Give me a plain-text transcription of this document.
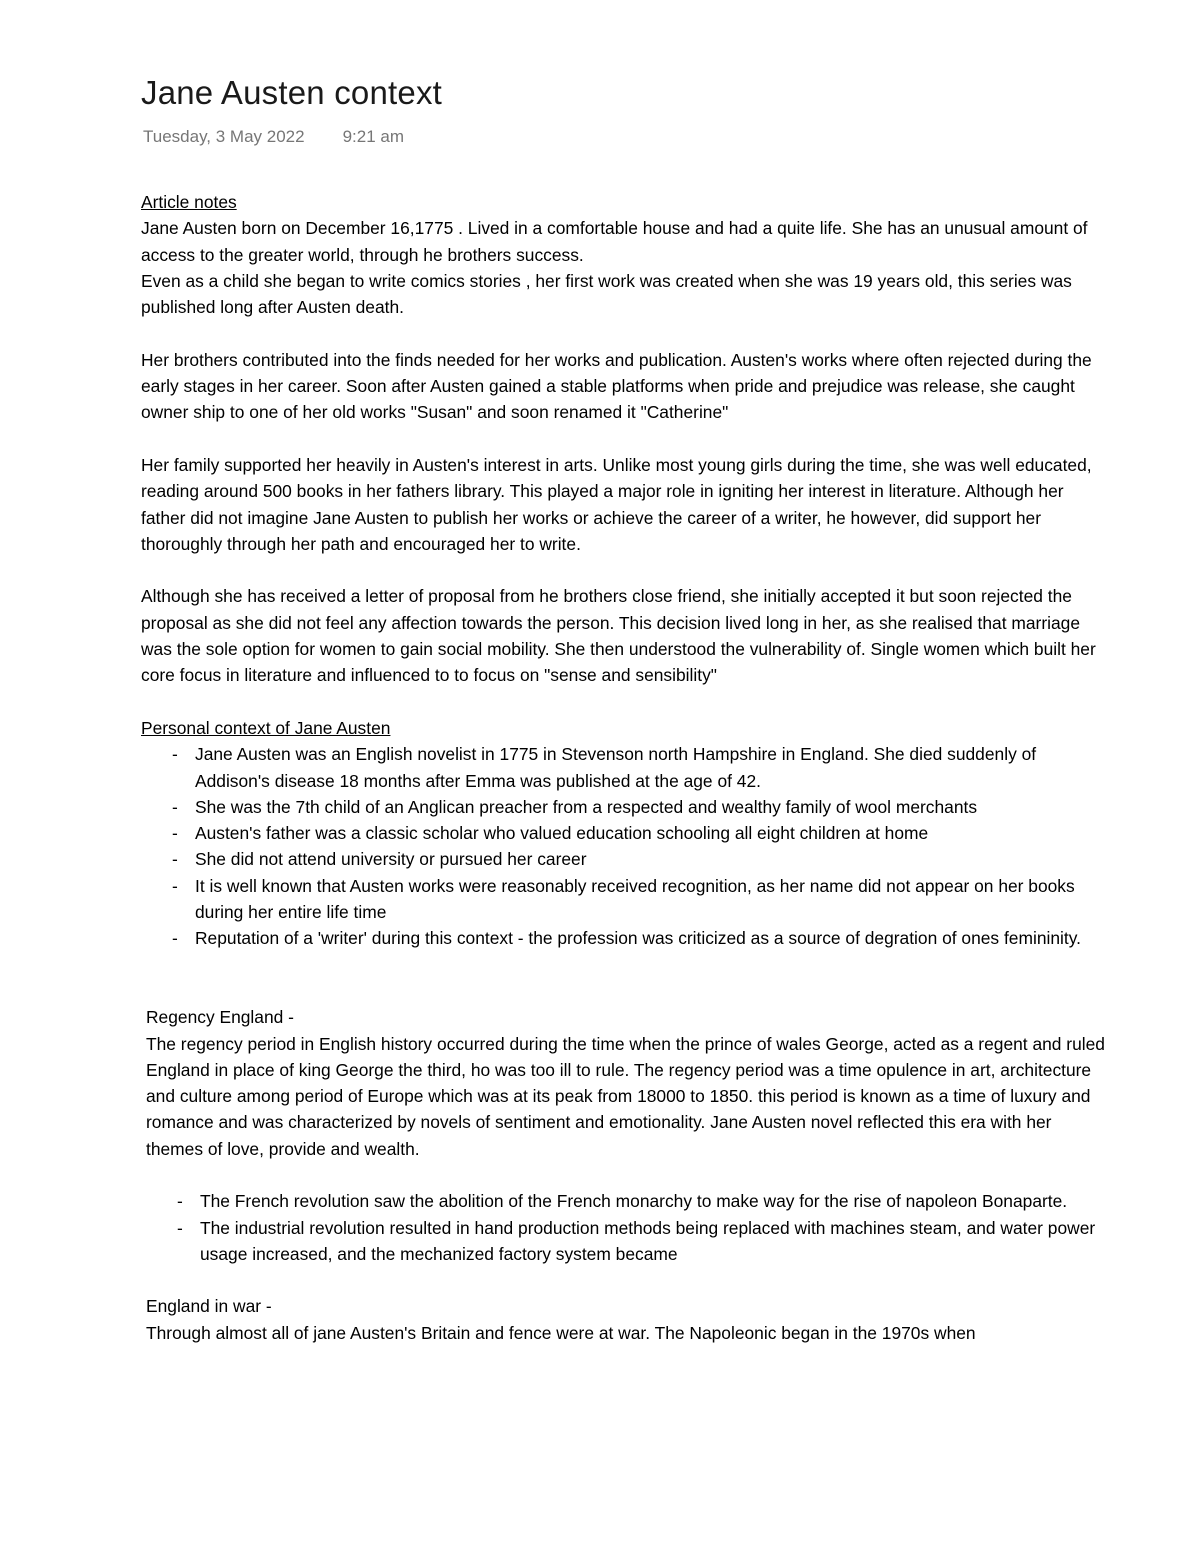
Jane Austen context
Tuesday, 3 May 2022 9:21 am

Article notes

Jane Austen born on December 16,1775 . Lived in a comfortable house and had a quite life. She has an unusual amount of access to the greater world, through he brothers success.

Even as a child she began to write comics stories , her first work was created when she was 19 years old, this series was published long after Austen death.

Her brothers contributed into the finds needed for her works and publication. Austen's works where often rejected during the early stages in her career. Soon after Austen gained a stable platforms when pride and prejudice was release, she caught owner ship to one of her old works "Susan" and soon renamed it "Catherine"

Her family supported her heavily in Austen's interest in arts. Unlike most young girls during the time, she was well educated, reading around 500 books in her fathers library. This played a major role in igniting her interest in literature. Although her father did not imagine Jane Austen to publish her works or achieve the career of a writer, he however, did support her thoroughly through her path and encouraged her to write.

Although she has received a letter of proposal from he brothers close friend, she initially accepted it but soon rejected the proposal as she did not feel any affection towards the person. This decision lived long in her, as she realised that marriage was the sole option for women to gain social mobility. She then understood the vulnerability of. Single women which built her core focus in literature and influenced to to focus on "sense and sensibility"

Personal context of Jane Austen

- Jane Austen was an English novelist in 1775 in Stevenson north Hampshire in England. She died suddenly of Addison's disease 18 months after Emma was published at the age of 42.
- She was the 7th child of an Anglican preacher from a respected and wealthy family of wool merchants
- Austen's father was a classic scholar who valued education schooling all eight children at home
- She did not attend university or pursued her career
- It is well known that Austen works were reasonably received recognition, as her name did not appear on her books during her entire life time
- Reputation of a 'writer' during this context - the profession was criticized as a source of degration of ones femininity.

Regency England -

The regency period in English history occurred during the time when the prince of wales George, acted as a regent and ruled England in place of king George the third, ho was too ill to rule. The regency period was a time opulence in art, architecture and culture among period of Europe which was at its peak from 18000 to 1850. this period is known as a time of luxury and romance and was characterized by novels of sentiment and emotionality. Jane Austen novel reflected this era with her themes of love, provide and wealth.

- The French revolution saw the abolition of the French monarchy to make way for the rise of napoleon Bonaparte.
- The industrial revolution resulted in hand production methods being replaced with machines steam, and water power usage increased, and the mechanized factory system became

England in war -

Through almost all of jane Austen's Britain and fence were at war. The Napoleonic began in the 1970s when
